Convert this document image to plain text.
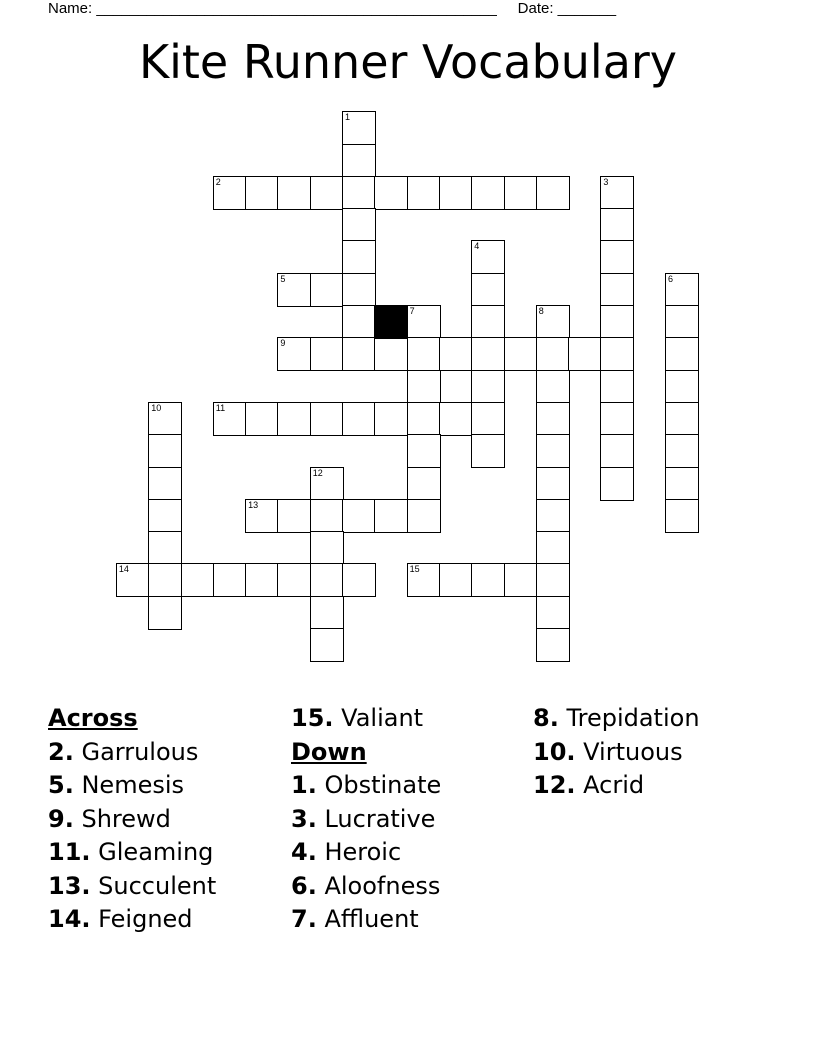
Name: ________________________________________________ Date: _______
Kite Runner Vocabulary
1
2	3
4
5	6
7	8
9
10	11
12
13
14	15
Across
2. Garrulous
5. Nemesis
9. Shrewd
11. Gleaming
13. Succulent
14. Feigned
15. Valiant
Down
1. Obstinate
3. Lucrative
4. Heroic
6. Aloofness
7. Affluent
8. Trepidation
10. Virtuous
12. Acrid
